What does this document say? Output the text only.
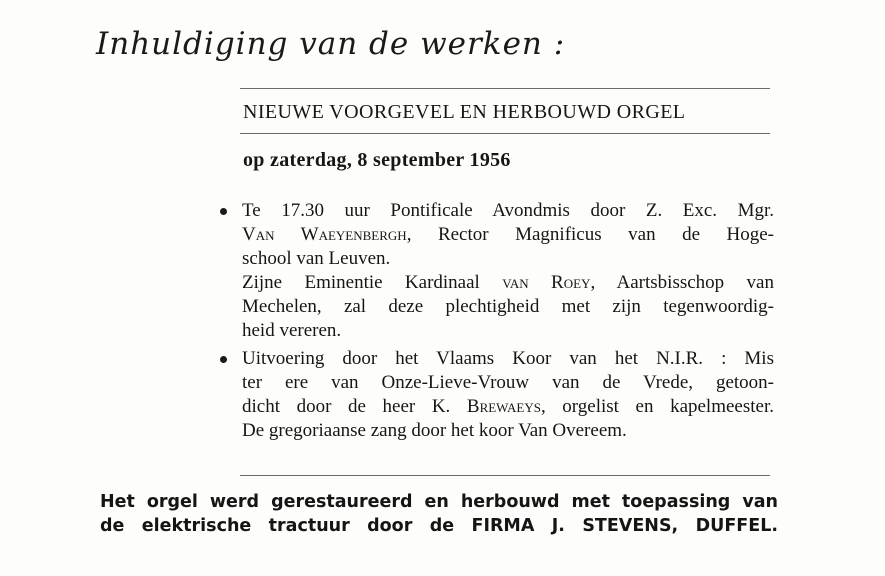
Inhuldiging van de werken :
NIEUWE VOORGEVEL EN HERBOUWD ORGEL
op zaterdag, 8 september 1956
Te 17.30 uur Pontificale Avondmis door Z. Exc. Mgr.
Van Waeyenbergh, Rector Magnificus van de Hoge-
school van Leuven.
Zijne Eminentie Kardinaal van Roey, Aartsbisschop van
Mechelen, zal deze plechtigheid met zijn tegenwoordig-
heid vereren.
Uitvoering door het Vlaams Koor van het N.I.R. : Mis
ter ere van Onze-Lieve-Vrouw van de Vrede, getoon-
dicht door de heer K. Brewaeys, orgelist en kapelmeester.
De gregoriaanse zang door het koor Van Overeem.
Het orgel werd gerestaureerd en herbouwd met toepassing van
de elektrische tractuur door de FIRMA J. STEVENS, DUFFEL.
